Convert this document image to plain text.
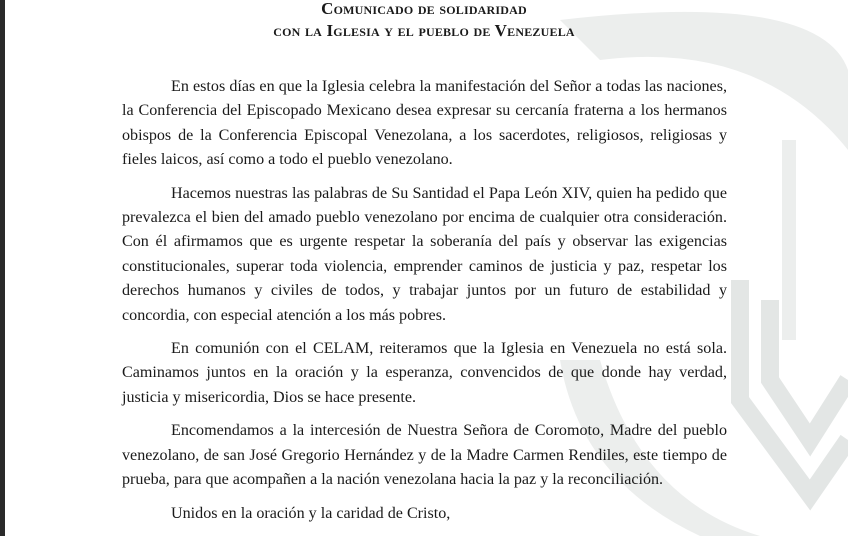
Comunicado de solidaridad
con la Iglesia y el pueblo de Venezuela

En estos días en que la Iglesia celebra la manifestación del Señor a todas las naciones, la Conferencia del Episcopado Mexicano desea expresar su cercanía fraterna a los hermanos obispos de la Conferencia Episcopal Venezolana, a los sacerdotes, religiosos, religiosas y fieles laicos, así como a todo el pueblo venezolano.

Hacemos nuestras las palabras de Su Santidad el Papa León XIV, quien ha pedido que prevalezca el bien del amado pueblo venezolano por encima de cualquier otra consideración. Con él afirmamos que es urgente respetar la soberanía del país y observar las exigencias constitucionales, superar toda violencia, emprender caminos de justicia y paz, respetar los derechos humanos y civiles de todos, y trabajar juntos por un futuro de estabilidad y concordia, con especial atención a los más pobres.

En comunión con el CELAM, reiteramos que la Iglesia en Venezuela no está sola. Caminamos juntos en la oración y la esperanza, convencidos de que donde hay verdad, justicia y misericordia, Dios se hace presente.

Encomendamos a la intercesión de Nuestra Señora de Coromoto, Madre del pueblo venezolano, de san José Gregorio Hernández y de la Madre Carmen Rendiles, este tiempo de prueba, para que acompañen a la nación venezolana hacia la paz y la reconciliación.

Unidos en la oración y la caridad de Cristo,
